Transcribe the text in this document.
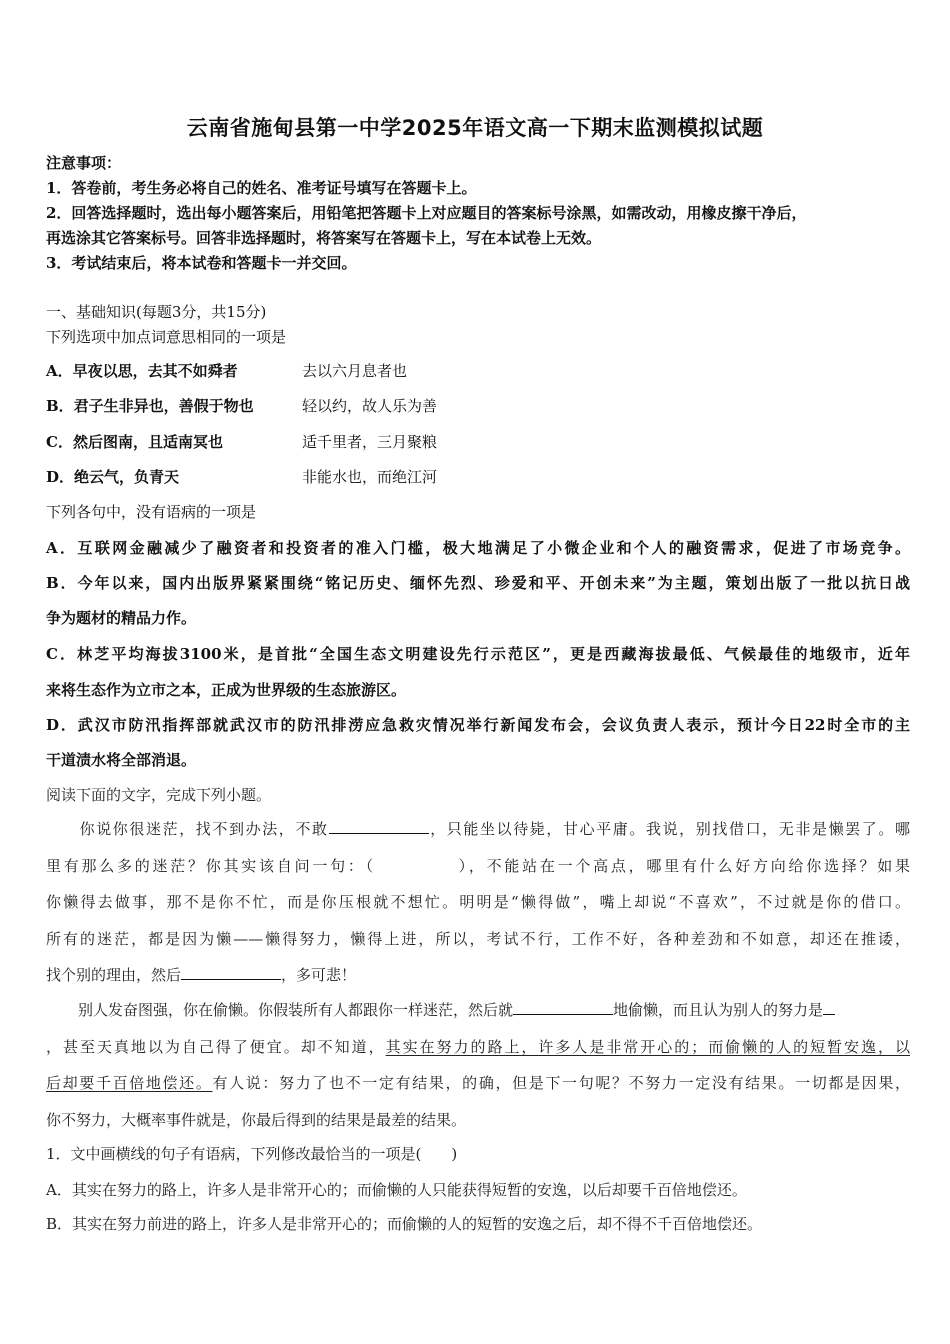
云南省施甸县第一中学2025年语文高一下期末监测模拟试题
注意事项：
1．答卷前，考生务必将自己的姓名、准考证号填写在答题卡上。
2．回答选择题时，选出每小题答案后，用铅笔把答题卡上对应题目的答案标号涂黑，如需改动，用橡皮擦干净后，
再选涂其它答案标号。回答非选择题时，将答案写在答题卡上，写在本试卷上无效。
3．考试结束后，将本试卷和答题卡一并交回。
一、基础知识(每题3分，共15分)
下列选项中加点词意思相同的一项是
A．早夜以思，去其不如舜者	去以六月息者也
B．君子生非异也，善假于物也	轻以约，故人乐为善
C．然后图南，且适南冥也	适千里者，三月聚粮
D．绝云气，负青天	非能水也，而绝江河
下列各句中，没有语病的一项是
A．互联网金融减少了融资者和投资者的准入门槛，极大地满足了小微企业和个人的融资需求，促进了市场竞争。
B．今年以来，国内出版界紧紧围绕“铭记历史、缅怀先烈、珍爱和平、开创未来”为主题，策划出版了一批以抗日战
争为题材的精品力作。
C．林芝平均海拔3100米，是首批“全国生态文明建设先行示范区”，更是西藏海拔最低、气候最佳的地级市，近年
来将生态作为立市之本，正成为世界级的生态旅游区。
D．武汉市防汛指挥部就武汉市的防汛排涝应急救灾情况举行新闻发布会，会议负责人表示，预计今日22时全市的主
干道渍水将全部消退。
阅读下面的文字，完成下列小题。
你说你很迷茫，找不到办法，不敢	，只能坐以待毙，甘心平庸。我说，别找借口，无非是懒罢了。哪
里有那么多的迷茫？你其实该自问一句：（	），不能站在一个高点，哪里有什么好方向给你选择？如果
你懒得去做事，那不是你不忙，而是你压根就不想忙。明明是“懒得做”，嘴上却说“不喜欢”，不过就是你的借口。
所有的迷茫，都是因为懒——懒得努力，懒得上进，所以，考试不行，工作不好，各种差劲和不如意，却还在推诿，
找个别的理由，然后	，多可悲！
别人发奋图强，你在偷懒。你假装所有人都跟你一样迷茫，然后就	地偷懒，而且认为别人的努力是
，甚至天真地以为自己得了便宜。却不知道，其实在努力的路上，许多人是非常开心的；而偷懒的人的短暂安逸，以
后却要千百倍地偿还。有人说：努力了也不一定有结果，的确，但是下一句呢？不努力一定没有结果。一切都是因果，
你不努力，大概率事件就是，你最后得到的结果是最差的结果。
1．文中画横线的句子有语病，下列修改最恰当的一项是(　　)
A．其实在努力的路上，许多人是非常开心的；而偷懒的人只能获得短暂的安逸，以后却要千百倍地偿还。
B．其实在努力前进的路上，许多人是非常开心的；而偷懒的人的短暂的安逸之后，却不得不千百倍地偿还。
